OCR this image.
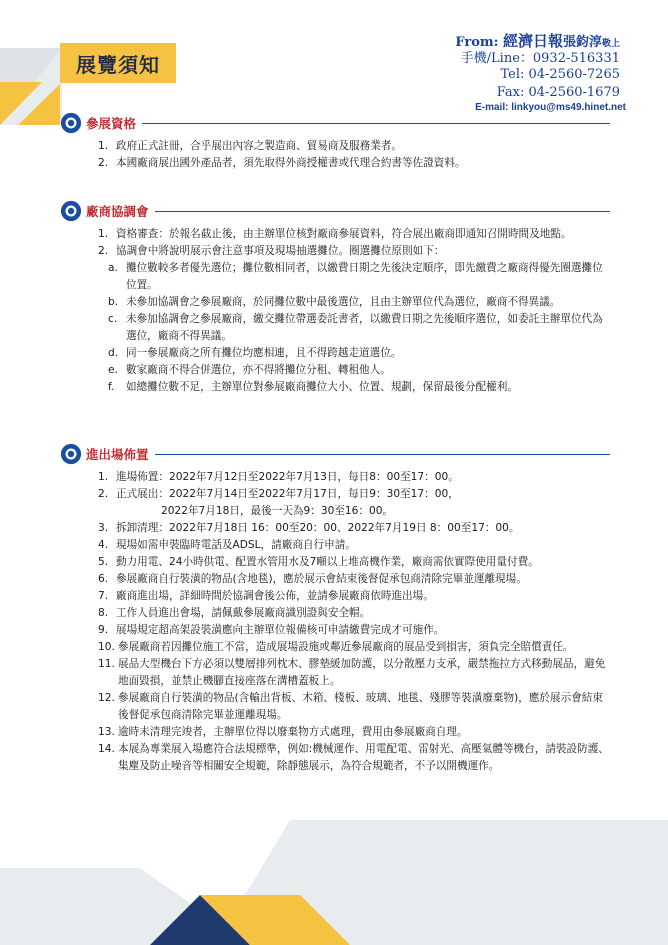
展覽須知
From: 經濟日報張鈞淳敬上
手機/Line：0932-516331
Tel: 04-2560-7265
Fax: 04-2560-1679
E-mail: linkyou@ms49.hinet.net
參展資格
1. 政府正式註冊，合乎展出內容之製造商、貿易商及服務業者。
2. 本國廠商展出國外產品者，須先取得外商授權書或代理合約書等佐證資料。
廠商協調會
1. 資格審查：於報名截止後，由主辦單位核對廠商參展資料，符合展出廠商即通知召開時間及地點。
2. 協調會中將說明展示會注意事項及現場抽選攤位。圈選攤位原則如下：
a. 攤位數較多者優先選位；攤位數相同者，以繳費日期之先後決定順序，即先繳費之廠商得優先圈選攤位位置。
b. 未參加協調會之參展廠商，於同攤位數中最後選位，且由主辦單位代為選位，廠商不得異議。
c. 未參加協調會之參展廠商，繳交攤位帶選委託書者，以繳費日期之先後順序選位，如委託主辦單位代為選位，廠商不得異議。
d. 同一參展廠商之所有攤位均應相連，且不得跨越走道選位。
e. 數家廠商不得合併選位，亦不得將攤位分租、轉租他人。
f. 如總攤位數不足，主辦單位對參展廠商攤位大小、位置、規劃，保留最後分配權利。
進出場佈置
1. 進場佈置：2022年7月12日至2022年7月13日，每日8：00至17：00。
2. 正式展出：2022年7月14日至2022年7月17日，每日9：30至17：00，
2022年7月18日，最後一天為9：30至16：00。
3. 拆卸清理：2022年7月18日 16：00至20：00、2022年7月19日 8：00至17：00。
4. 現場如需申裝臨時電話及ADSL，請廠商自行申請。
5. 動力用電、24小時供電、配置水管用水及7噸以上堆高機作業，廠商需依實際使用量付費。
6. 參展廠商自行裝潢的物品(含地毯)，應於展示會結束後督促承包商清除完畢並運離現場。
7. 廠商進出場，詳細時間於協調會後公佈，並請參展廠商依時進出場。
8. 工作人員進出會場，請佩戴參展廠商識別證與安全帽。
9. 展場規定超高架設裝潢應向主辦單位報備核可申請繳費完成才可施作。
10. 參展廠商若因攤位施工不當，造成展場設施或鄰近參展廠商的展品受到損害，須負完全賠償責任。
11. 展品大型機台下方必須以雙層排列枕木、膠墊緩加防護，以分散壓力支承，嚴禁拖拉方式移動展品，避免地面毀損，並禁止機腳直接座落在溝槽蓋板上。
12. 參展廠商自行裝潢的物品(含輸出背板、木箱、棧板、玻璃、地毯、殘膠等裝潢廢棄物)，應於展示會結束後督促承包商清除完畢並運離現場。
13. 逾時未清理完竣者，主辦單位得以廢棄物方式處理，費用由參展廠商自理。
14. 本展為專業展入場應符合法規標準，例如:機械運作、用電配電、雷射光、高壓氣體等機台，請裝設防護、集塵及防止噪音等相關安全規範，除靜態展示，為符合規範者，不予以開機運作。
